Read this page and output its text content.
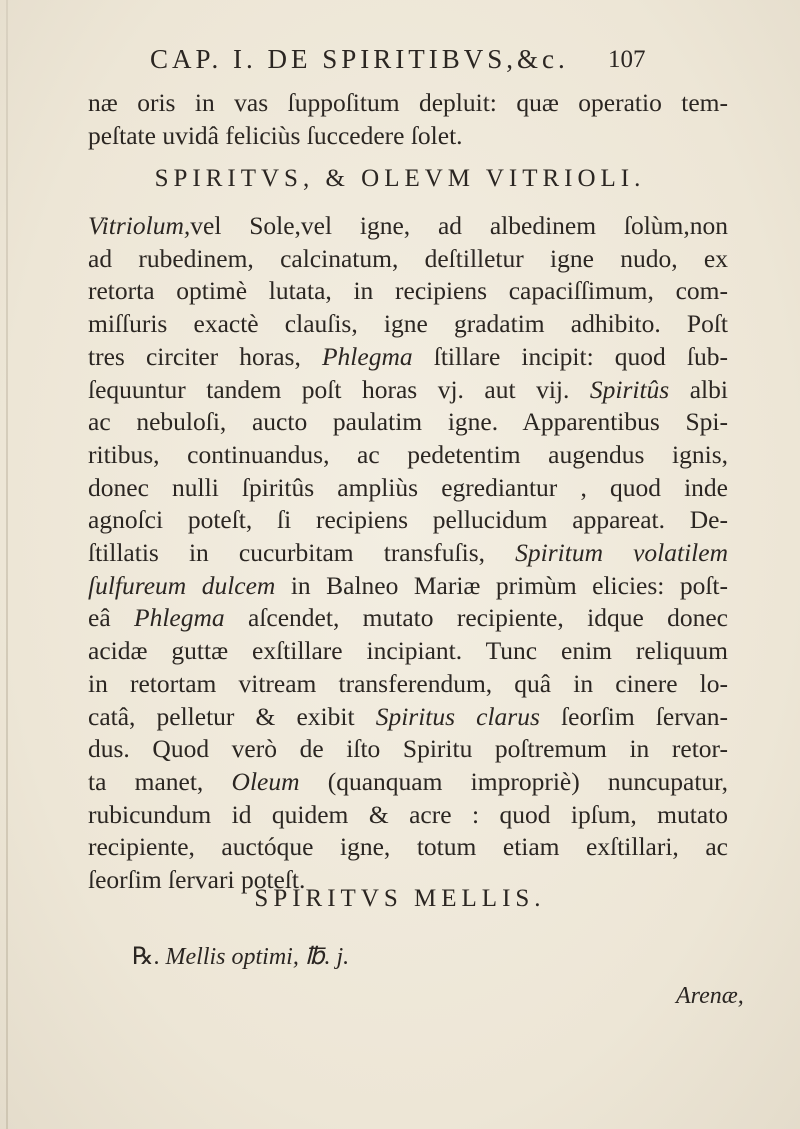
CAP. I. DE SPIRITIBVS,&c. 107
næ oris in vas ſuppoſitum depluit: quæ operatio tem-
peſtate uvidâ feliciùs ſuccedere ſolet.
SPIRITVS, & OLEVM VITRIOLI.
Vitriolum,vel Sole,vel igne, ad albedinem ſolùm,non
ad rubedinem, calcinatum, deſtilletur igne nudo, ex
retorta optimè lutata, in recipiens capaciſſimum, com-
miſſuris exactè clauſis, igne gradatim adhibito. Poſt
tres circiter horas, Phlegma ſtillare incipit: quod ſub-
ſequuntur tandem poſt horas vj. aut vij. Spiritûs albi
ac nebuloſi, aucto paulatim igne. Apparentibus Spi-
ritibus, continuandus, ac pedetentim augendus ignis,
donec nulli ſpiritûs ampliùs egrediantur , quod inde
agnoſci poteſt, ſi recipiens pellucidum appareat. De-
ſtillatis in cucurbitam transfuſis, Spiritum volatilem
ſulfureum dulcem in Balneo Mariæ primùm elicies: poſt-
eâ Phlegma aſcendet, mutato recipiente, idque donec
acidæ guttæ exſtillare incipiant. Tunc enim reliquum
in retortam vitream transferendum, quâ in cinere lo-
catâ, pelletur & exibit Spiritus clarus ſeorſim ſervan-
dus. Quod verò de iſto Spiritu poſtremum in retor-
ta manet, Oleum (quanquam impropriè) nuncupatur,
rubicundum id quidem & acre : quod ipſum, mutato
recipiente, auctóque igne, totum etiam exſtillari, ac
ſeorſim ſervari poteſt.
SPIRITVS MELLIS.
℞. Mellis optimi, ℔. j.
Arenæ,
